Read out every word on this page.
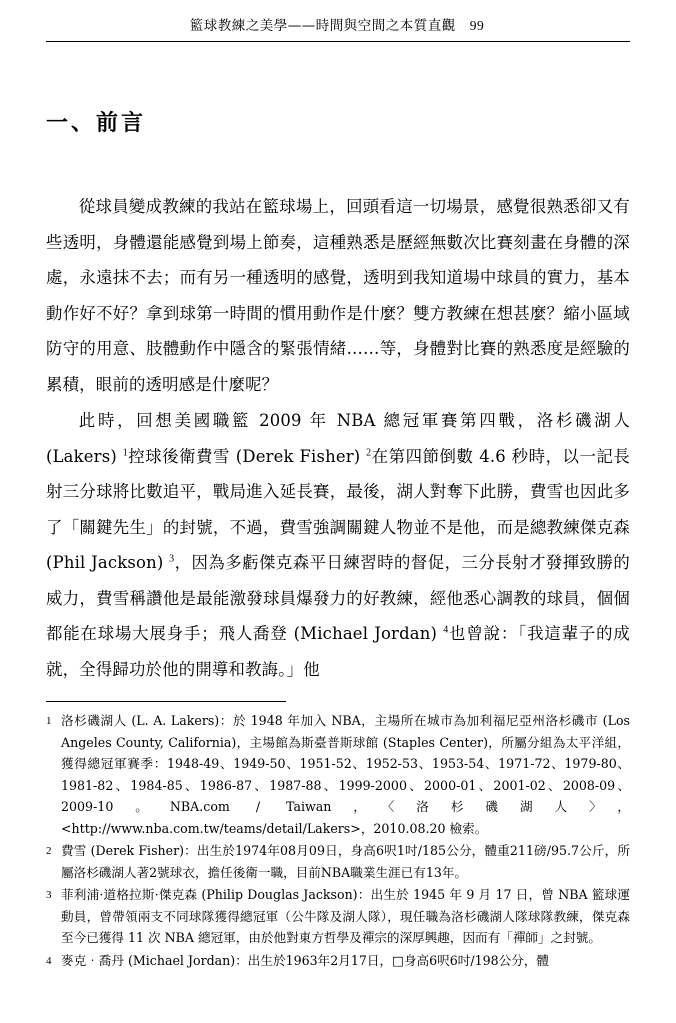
籃球教練之美學——時間與空間之本質直觀 99
一、前言

從球員變成教練的我站在籃球場上，回頭看這一切場景，感覺很熟悉卻又有些透明，身體還能感覺到場上節奏，這種熟悉是歷經無數次比賽刻畫在身體的深處，永遠抹不去；而有另一種透明的感覺，透明到我知道場中球員的實力，基本動作好不好？拿到球第一時間的慣用動作是什麼？雙方教練在想甚麼？縮小區域防守的用意、肢體動作中隱含的緊張情緒……等，身體對比賽的熟悉度是經驗的累積，眼前的透明感是什麼呢？

此時，回想美國職籃 2009 年 NBA 總冠軍賽第四戰，洛杉磯湖人 (Lakers) $^1$控球後衛費雪 (Derek Fisher) $^2$在第四節倒數 4.6 秒時，以一記長射三分球將比數追平，戰局進入延長賽，最後，湖人對奪下此勝，費雪也因此多了「關鍵先生」的封號，不過，費雪強調關鍵人物並不是他，而是總教練傑克森 (Phil Jackson) $^3$，因為多虧傑克森平日練習時的督促，三分長射才發揮致勝的威力，費雪稱讚他是最能激發球員爆發力的好教練，經他悉心調教的球員，個個都能在球場大展身手；飛人喬登 (Michael Jordan) $^4$也曾說：「我這輩子的成就，全得歸功於他的開導和教誨。」他

1 洛杉磯湖人 (L. A. Lakers)：於 1948 年加入 NBA，主場所在城市為加利福尼亞州洛杉磯市 (Los Angeles County, California)，主場館為斯臺普斯球館 (Staples Center)，所屬分組為太平洋組，獲得總冠軍賽季：1948-49、1949-50、1951-52、1952-53、1953-54、1971-72、1979-80、1981-82、1984-85、1986-87、1987-88、1999-2000、2000-01、2001-02、2008-09、2009-10。NBA.com / Taiwan，〈洛杉磯湖人〉，<http://www.nba.com.tw/teams/detail/Lakers>，2010.08.20 檢索。
2 費雪 (Derek Fisher)：出生於1974年08月09日，身高6呎1吋/185公分，體重211磅/95.7公斤，所屬洛杉磯湖人著2號球衣，擔任後衛一職，目前NBA職業生涯已有13年。
3 菲利浦·道格拉斯·傑克森 (Philip Douglas Jackson)：出生於 1945 年 9 月 17 日，曾 NBA 籃球運動員，曾帶領兩支不同球隊獲得總冠軍（公牛隊及湖人隊），現任職為洛杉磯湖人隊球隊教練，傑克森至今已獲得 11 次 NBA 總冠軍，由於他對東方哲學及禪宗的深厚興趣，因而有「禪師」之封號。
4 麥克‧喬丹 (Michael Jordan)：出生於1963年2月17日，□身高6呎6吋/198公分，體
